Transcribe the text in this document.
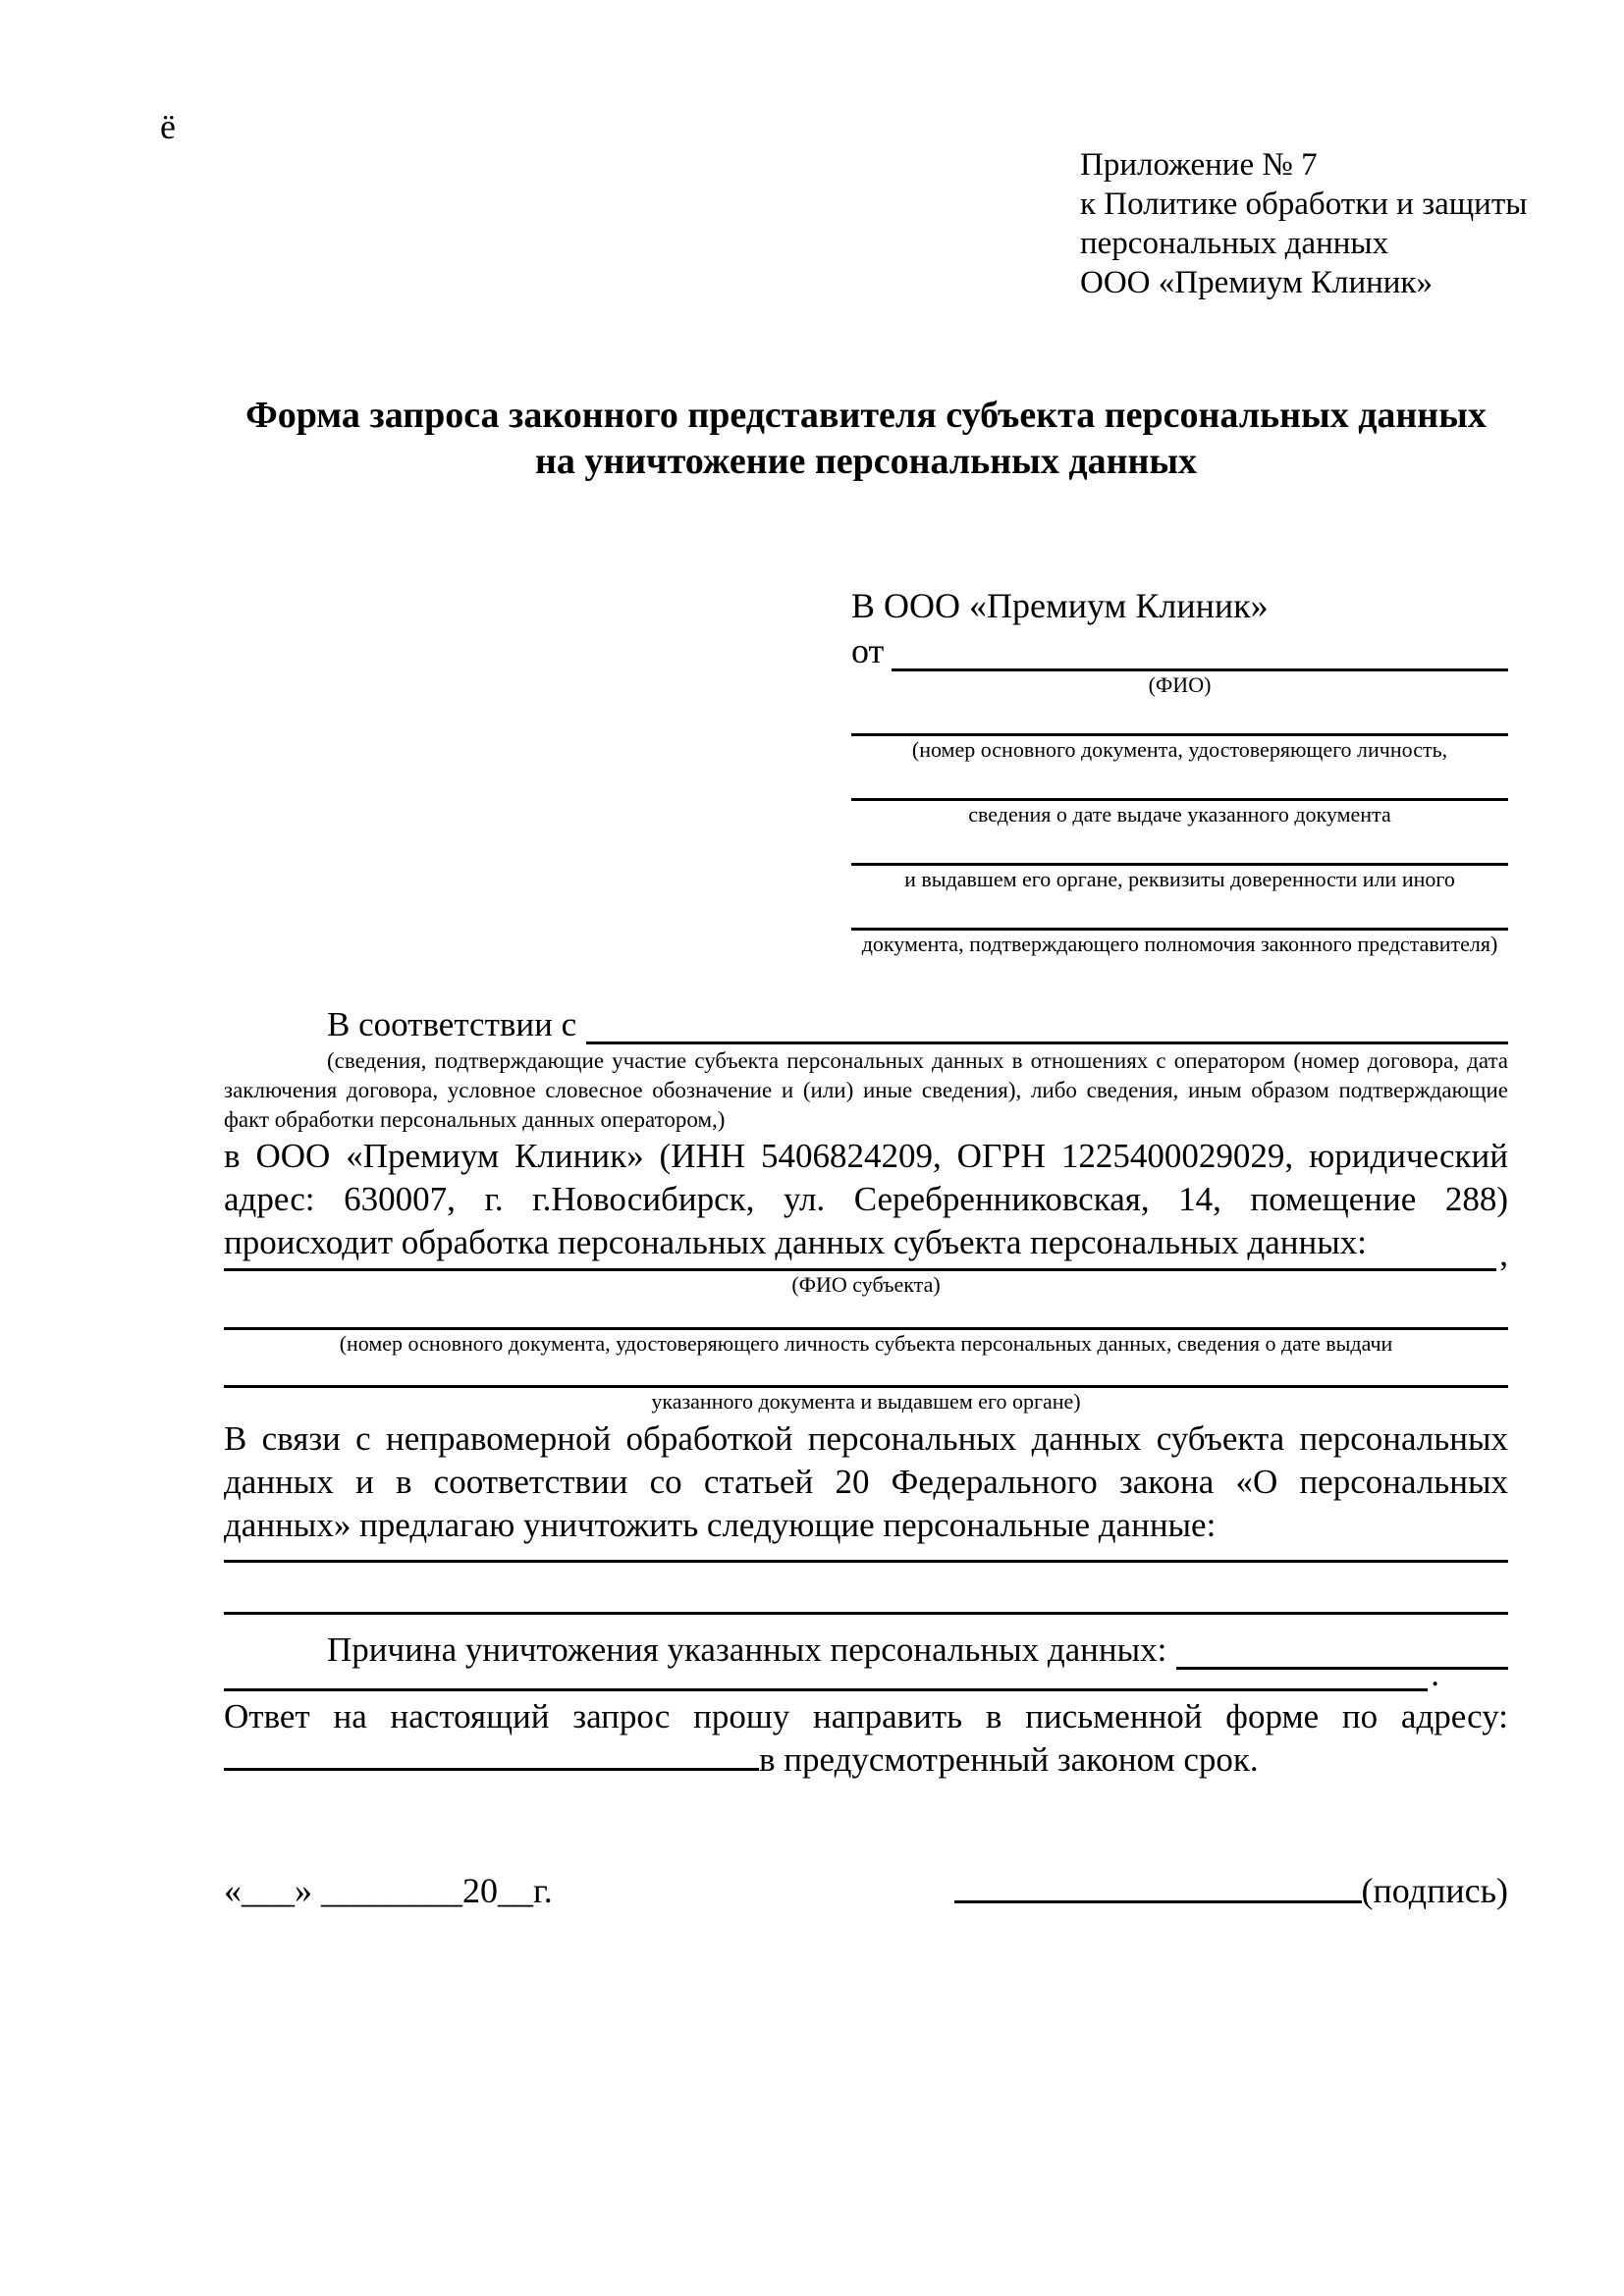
ё
Приложение № 7
к Политике обработки и защиты
персональных данных
ООО «Премиум Клиник»
Форма запроса законного представителя субъекта персональных данных
на уничтожение персональных данных
В ООО «Премиум Клиник»
от
(ФИО)
(номер основного документа, удостоверяющего личность,
сведения о дате выдаче указанного документа
и выдавшем его органе, реквизиты доверенности или иного
документа, подтверждающего полномочия законного представителя)
В соответствии с

(сведения, подтверждающие участие субъекта персональных данных в отношениях с оператором (номер договора, дата заключения договора, условное словесное обозначение и (или) иные сведения), либо сведения, иным образом подтверждающие факт обработки персональных данных оператором,)

в ООО «Премиум Клиник» (ИНН 5406824209, ОГРН 1225400029029, юридический адрес: 630007, г. г.Новосибирск, ул. Серебренниковская, 14, помещение 288) происходит обработка персональных данных субъекта персональных данных:	,
(ФИО субъекта)
(номер основного документа, удостоверяющего личность субъекта персональных данных, сведения о дате выдачи
указанного документа и выдавшем его органе)

В связи с неправомерной обработкой персональных данных субъекта персональных данных и в соответствии со статьей 20 Федерального закона «О персональных данных» предлагаю уничтожить следующие персональные данные:

Причина уничтожения указанных персональных данных:
.

Ответ на настоящий запрос прошу направить в письменной форме по адресу: в предусмотренный законом срок.

«___» ________20__г.	(подпись)
